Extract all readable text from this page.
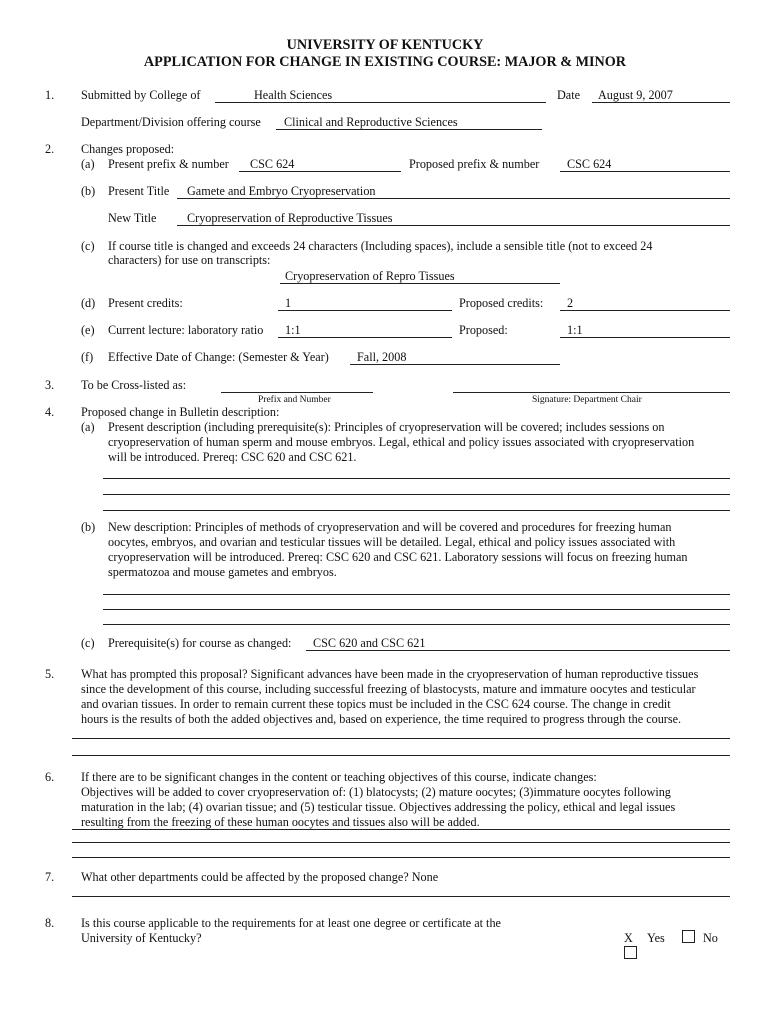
UNIVERSITY OF KENTUCKY
APPLICATION FOR CHANGE IN EXISTING COURSE: MAJOR & MINOR
1. Submitted by College of	Health Sciences	Date August 9, 2007
Department/Division offering course Clinical and Reproductive Sciences
2. Changes proposed:
(a) Present prefix & number CSC 624	Proposed prefix & number CSC 624
(b) Present Title Gamete and Embryo Cryopreservation
New Title	Cryopreservation of Reproductive Tissues
(c) If course title is changed and exceeds 24 characters (Including spaces), include a sensible title (not to exceed 24
characters) for use on transcripts:
Cryopreservation of Repro Tissues
(d) Present credits:	1	Proposed credits: 2
(e) Current lecture: laboratory ratio 1:1	Proposed:	1:1
(f) Effective Date of Change: (Semester & Year) Fall, 2008
3. To be Cross-listed as:
Prefix and Number	Signature: Department Chair
4. Proposed change in Bulletin description:
(a) Present description (including prerequisite(s): Principles of cryopreservation will be covered; includes sessions on
cryopreservation of human sperm and mouse embryos. Legal, ethical and policy issues associated with cryopreservation
will be introduced. Prereq: CSC 620 and CSC 621.
(b) New description: Principles of methods of cryopreservation and will be covered and procedures for freezing human
oocytes, embryos, and ovarian and testicular tissues will be detailed. Legal, ethical and policy issues associated with
cryopreservation will be introduced. Prereq: CSC 620 and CSC 621. Laboratory sessions will focus on freezing human
spermatozoa and mouse gametes and embryos.
(c) Prerequisite(s) for course as changed: CSC 620 and CSC 621
5. What has prompted this proposal? Significant advances have been made in the cryopreservation of human reproductive tissues
since the development of this course, including successful freezing of blastocysts, mature and immature oocytes and testicular
and ovarian tissues. In order to remain current these topics must be included in the CSC 624 course. The change in credit
hours is the results of both the added objectives and, based on experience, the time required to progress through the course.
6. If there are to be significant changes in the content or teaching objectives of this course, indicate changes:
Objectives will be added to cover cryopreservation of: (1) blatocysts; (2) mature oocytes; (3)immature oocytes following
maturation in the lab; (4) ovarian tissue; and (5) testicular tissue. Objectives addressing the policy, ethical and legal issues
resulting from the freezing of these human oocytes and tissues also will be added.
7. What other departments could be affected by the proposed change? None
8. Is this course applicable to the requirements for at least one degree or certificate at the
University of Kentucky?	X Yes	No
